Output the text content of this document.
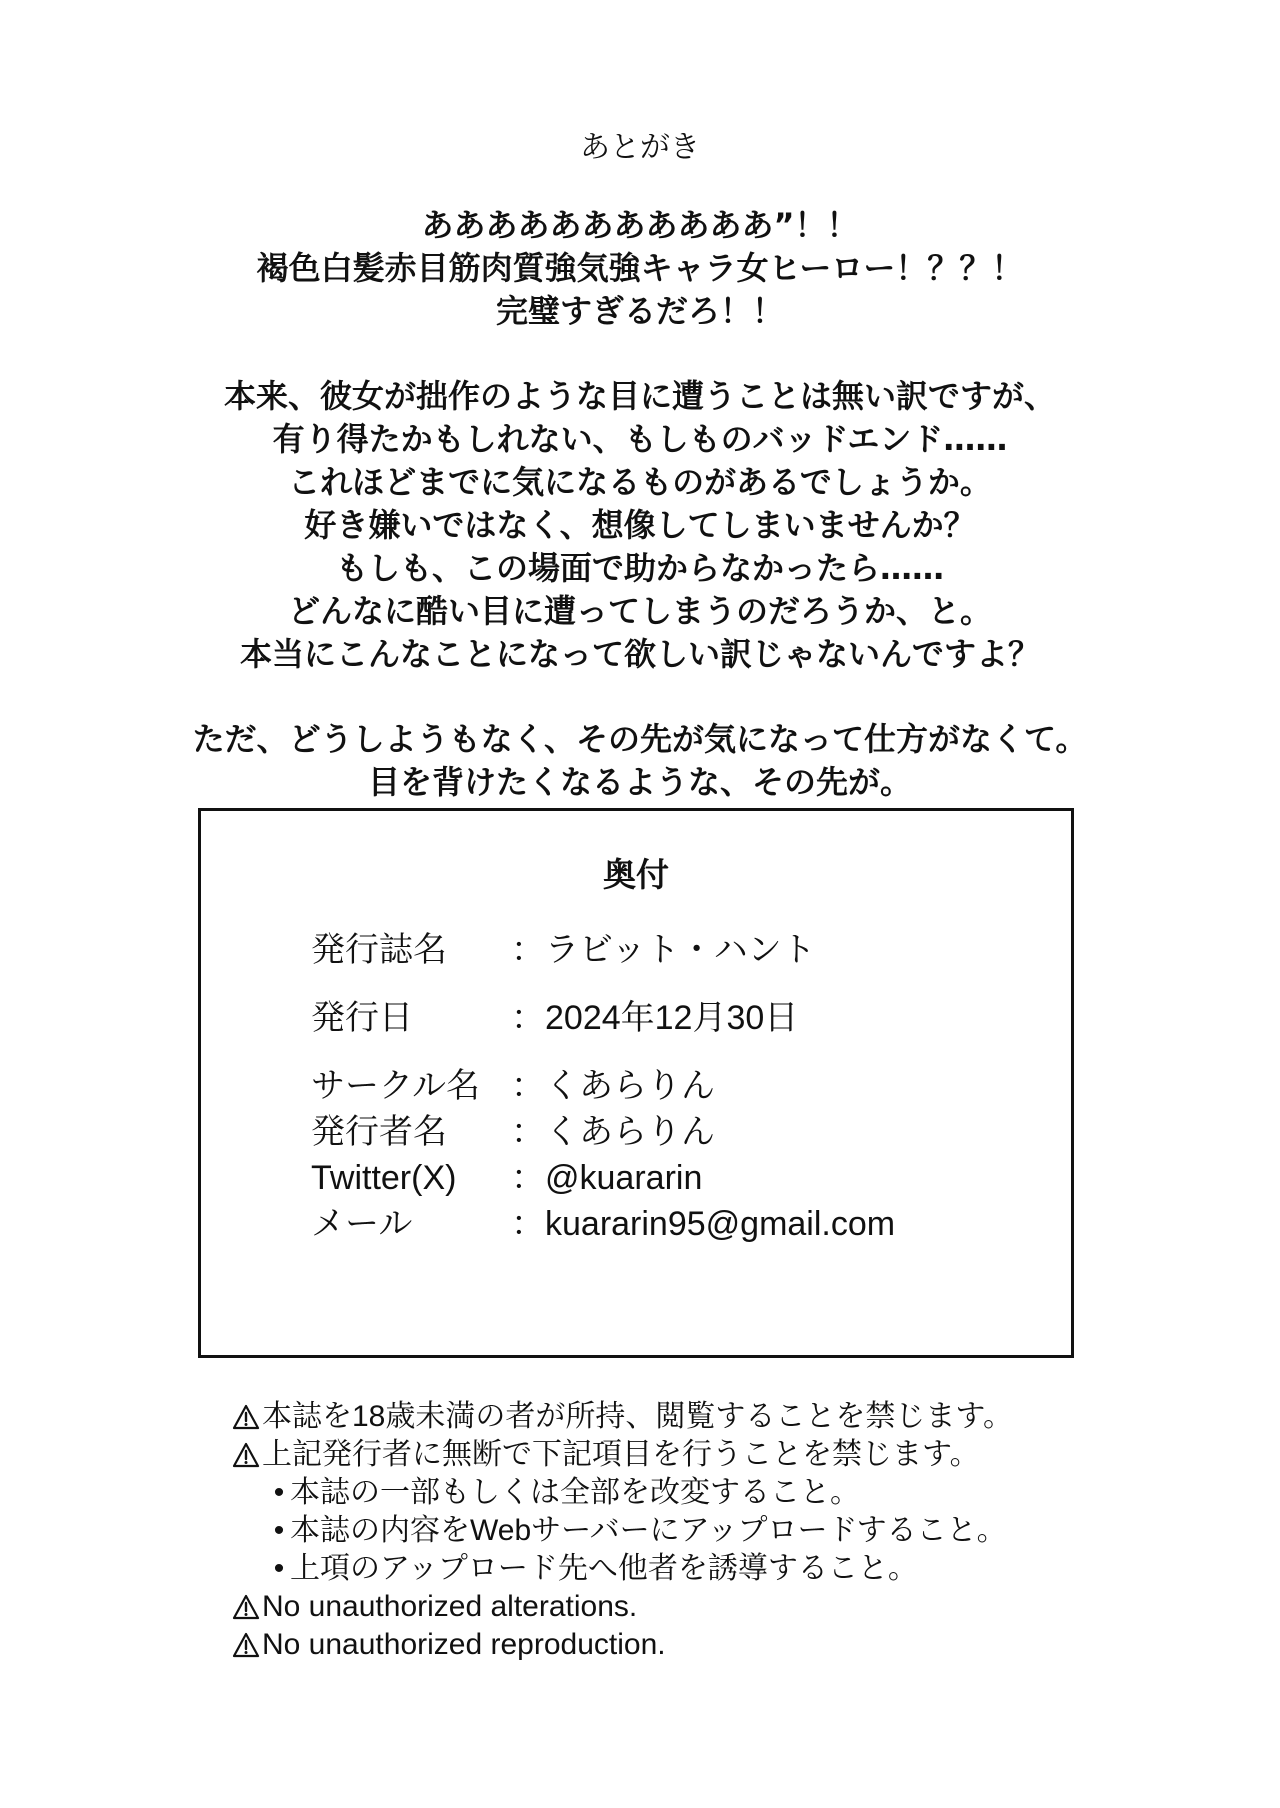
あとがき

あああああああああああ”！！
褐色白髪赤目筋肉質強気強キャラ女ヒーロー！？？！
完璧すぎるだろ！！

本来、彼女が拙作のような目に遭うことは無い訳ですが、
有り得たかもしれない、もしものバッドエンド……
これほどまでに気になるものがあるでしょうか。
好き嫌いではなく、想像してしまいませんか？
もしも、この場面で助からなかったら……
どんなに酷い目に遭ってしまうのだろうか、と。
本当にこんなことになって欲しい訳じゃないんですよ？

ただ、どうしようもなく、その先が気になって仕方がなくて。
目を背けたくなるような、その先が。

奥付
発行誌名	： ラビット・ハント
発行日	： 2024年12月30日
サークル名 ： くあらりん
発行者名	： くあらりん
Twitter(X)	： @kuararin
メール	： kuararin95@gmail.com
本誌を18歳未満の者が所持、閲覧することを禁じます。
上記発行者に無断で下記項目を行うことを禁じます。
• 本誌の一部もしくは全部を改変すること。
• 本誌の内容をWebサーバーにアップロードすること。
• 上項のアップロード先へ他者を誘導すること。
No unauthorized alterations.
No unauthorized reproduction.
